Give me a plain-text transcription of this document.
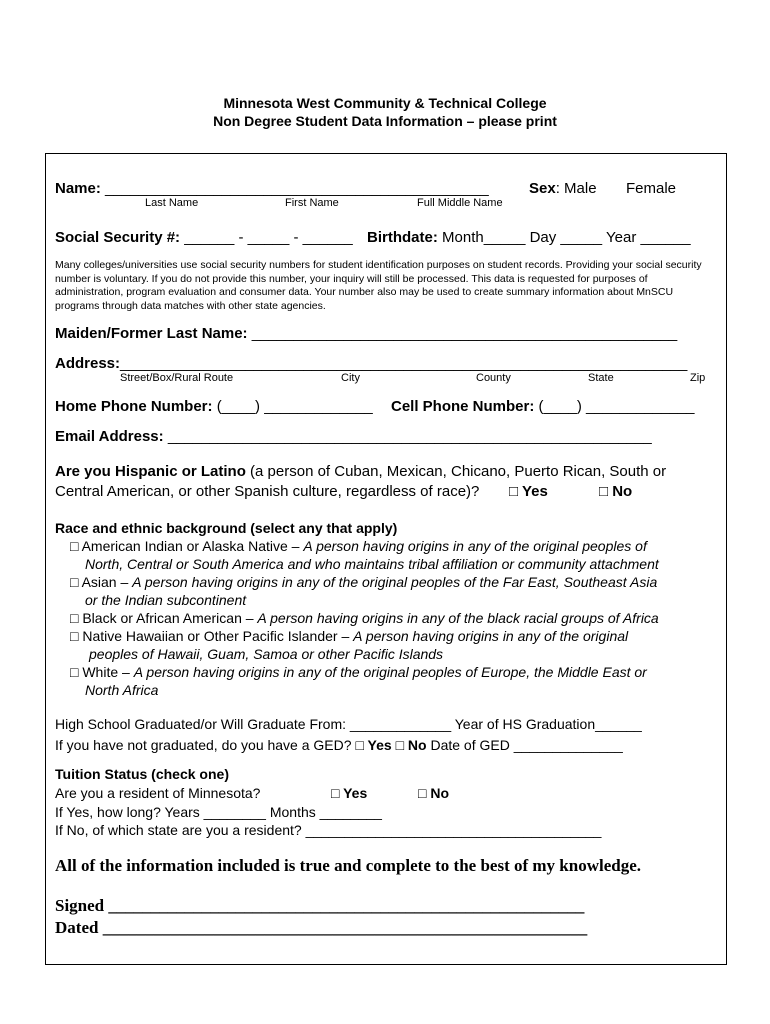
Minnesota West Community & Technical College
Non Degree Student Data Information – please print
Name: ______________________________________________
Last Name	First Name	Full Middle Name
Sex: Male Female
Social Security #: ______ - _____ - ______ Birthdate: Month_____ Day _____ Year ______
Many colleges/universities use social security numbers for student identification purposes on student records. Providing your social security number is voluntary. If you do not provide this number, your inquiry will still be processed. This data is requested for purposes of administration, program evaluation and consumer data. Your number also may be used to create summary information about MnSCU programs through data matches with other state agencies.
Maiden/Former Last Name: ___________________________________________________
Address:____________________________________________________________________
Street/Box/Rural Route	City	County	State	Zip
Home Phone Number: (____) _____________ Cell Phone Number: (____) _____________
Email Address: __________________________________________________________
Are you Hispanic or Latino (a person of Cuban, Mexican, Chicano, Puerto Rican, South or
Central American, or other Spanish culture, regardless of race)? □ Yes	□ No
Race and ethnic background (select any that apply)
□ American Indian or Alaska Native – A person having origins in any of the original peoples of
North, Central or South America and who maintains tribal affiliation or community attachment
□ Asian – A person having origins in any of the original peoples of the Far East, Southeast Asia
or the Indian subcontinent
□ Black or African American – A person having origins in any of the black racial groups of Africa
□ Native Hawaiian or Other Pacific Islander – A person having origins in any of the original
peoples of Hawaii, Guam, Samoa or other Pacific Islands
□ White – A person having origins in any of the original peoples of Europe, the Middle East or
North Africa
High School Graduated/or Will Graduate From: _____________ Year of HS Graduation______
If you have not graduated, do you have a GED? □ Yes □ No Date of GED ______________
Tuition Status (check one)
Are you a resident of Minnesota?	□ Yes	□ No
If Yes, how long? Years ________ Months ________
If No, of which state are you a resident? ______________________________________
All of the information included is true and complete to the best of my knowledge.
Signed ________________________________________________________
Dated _________________________________________________________
